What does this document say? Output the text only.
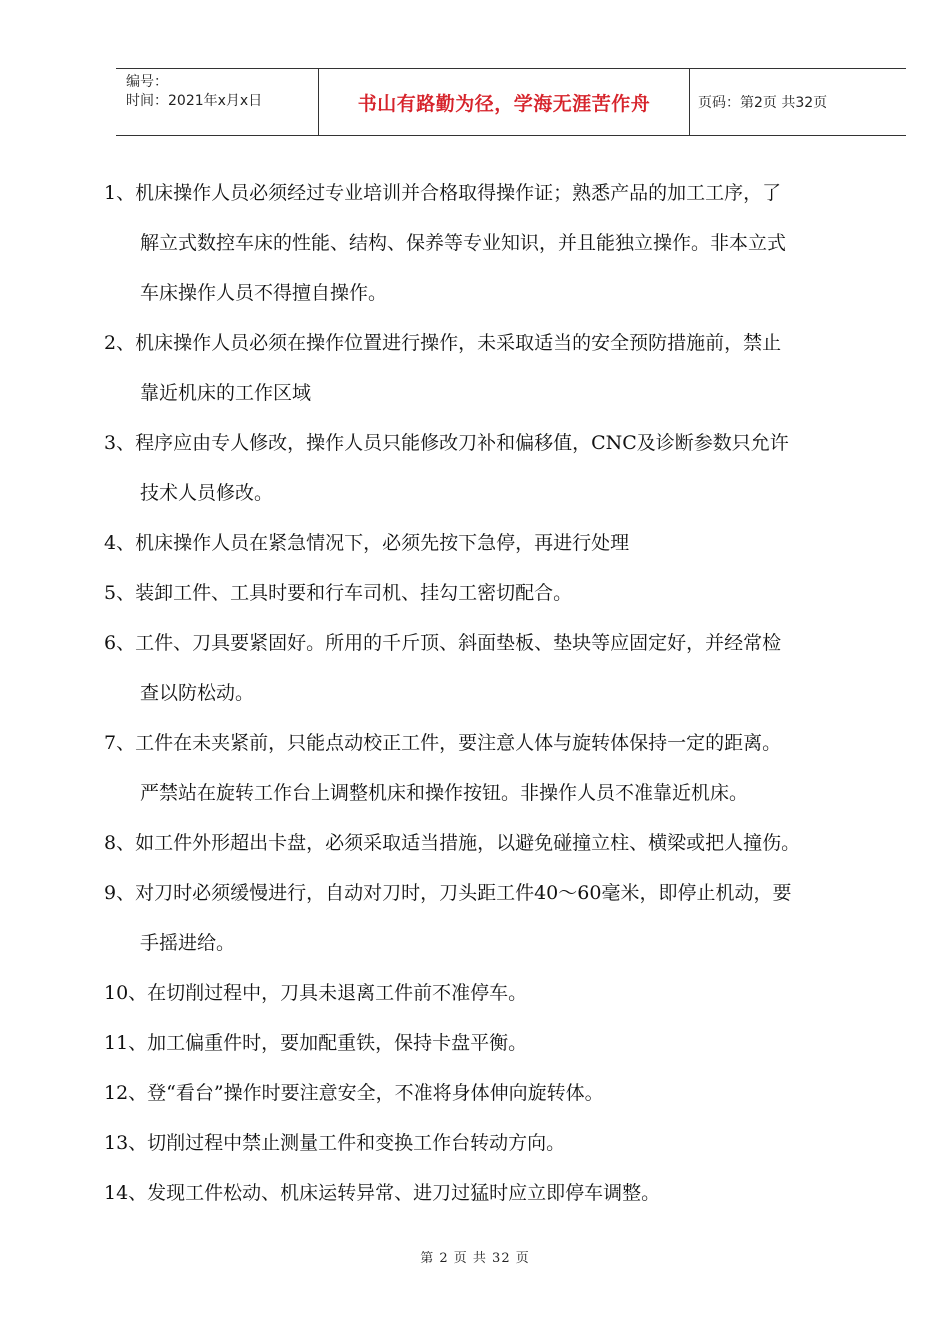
编号：
时间：2021年x月x日	书山有路勤为径，学海无涯苦作舟	页码：第2页 共32页
1、机床操作人员必须经过专业培训并合格取得操作证；熟悉产品的加工工序，了
解立式数控车床的性能、结构、保养等专业知识，并且能独立操作。非本立式
车床操作人员不得擅自操作。
2、机床操作人员必须在操作位置进行操作，未采取适当的安全预防措施前，禁止
靠近机床的工作区域
3、程序应由专人修改，操作人员只能修改刀补和偏移值，CNC及诊断参数只允许
技术人员修改。
4、机床操作人员在紧急情况下，必须先按下急停，再进行处理
5、装卸工件、工具时要和行车司机、挂勾工密切配合。
6、工件、刀具要紧固好。所用的千斤顶、斜面垫板、垫块等应固定好，并经常检
查以防松动。
7、工件在未夹紧前，只能点动校正工件，要注意人体与旋转体保持一定的距离。
严禁站在旋转工作台上调整机床和操作按钮。非操作人员不准靠近机床。
8、如工件外形超出卡盘，必须采取适当措施，以避免碰撞立柱、横梁或把人撞伤。
9、对刀时必须缓慢进行，自动对刀时，刀头距工件40～60毫米，即停止机动，要
手摇进给。
10、在切削过程中，刀具未退离工件前不准停车。
11、加工偏重件时，要加配重铁，保持卡盘平衡。
12、登“看台”操作时要注意安全，不准将身体伸向旋转体。
13、切削过程中禁止测量工件和变换工作台转动方向。
14、发现工件松动、机床运转异常、进刀过猛时应立即停车调整。
第 2 页 共 32 页
